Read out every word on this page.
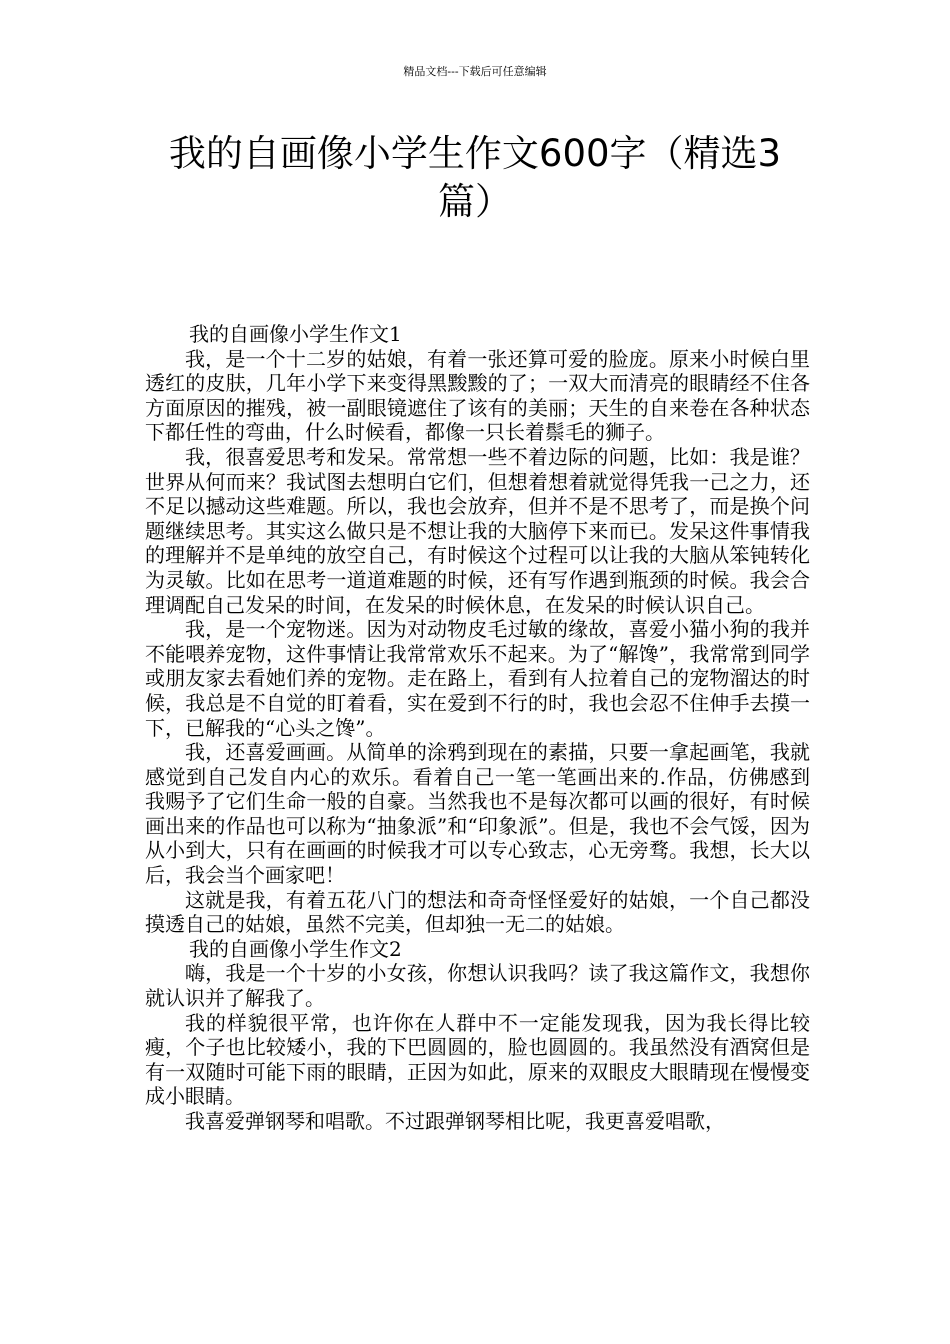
精品文档---下载后可任意编辑
我的自画像小学生作文600字（精选3篇）

我的自画像小学生作文1

我，是一个十二岁的姑娘，有着一张还算可爱的脸庞。原来小时候白里透红的皮肤，几年小学下来变得黑黢黢的了；一双大而清亮的眼睛经不住各方面原因的摧残，被一副眼镜遮住了该有的美丽；天生的自来卷在各种状态下都任性的弯曲，什么时候看，都像一只长着鬃毛的狮子。

我，很喜爱思考和发呆。常常想一些不着边际的问题，比如：我是谁？世界从何而来？我试图去想明白它们，但想着想着就觉得凭我一己之力，还不足以撼动这些难题。所以，我也会放弃，但并不是不思考了，而是换个问题继续思考。其实这么做只是不想让我的大脑停下来而已。发呆这件事情我的理解并不是单纯的放空自己，有时候这个过程可以让我的大脑从笨钝转化为灵敏。比如在思考一道道难题的时候，还有写作遇到瓶颈的时候。我会合理调配自己发呆的时间，在发呆的时候休息，在发呆的时候认识自己。

我，是一个宠物迷。因为对动物皮毛过敏的缘故，喜爱小猫小狗的我并不能喂养宠物，这件事情让我常常欢乐不起来。为了“解馋”，我常常到同学或朋友家去看她们养的宠物。走在路上，看到有人拉着自己的宠物溜达的时候，我总是不自觉的盯着看，实在爱到不行的时，我也会忍不住伸手去摸一下，已解我的“心头之馋”。

我，还喜爱画画。从简单的涂鸦到现在的素描，只要一拿起画笔，我就感觉到自己发自内心的欢乐。看着自己一笔一笔画出来的.作品，仿佛感到我赐予了它们生命一般的自豪。当然我也不是每次都可以画的很好，有时候画出来的作品也可以称为“抽象派”和“印象派”。但是，我也不会气馁，因为从小到大，只有在画画的时候我才可以专心致志，心无旁骛。我想，长大以后，我会当个画家吧！

这就是我，有着五花八门的想法和奇奇怪怪爱好的姑娘，一个自己都没摸透自己的姑娘，虽然不完美，但却独一无二的姑娘。

我的自画像小学生作文2

嗨，我是一个十岁的小女孩，你想认识我吗？读了我这篇作文，我想你就认识并了解我了。

我的样貌很平常，也许你在人群中不一定能发现我，因为我长得比较瘦，个子也比较矮小，我的下巴圆圆的，脸也圆圆的。我虽然没有酒窝但是有一双随时可能下雨的眼睛，正因为如此，原来的双眼皮大眼睛现在慢慢变成小眼睛。

我喜爱弹钢琴和唱歌。不过跟弹钢琴相比呢，我更喜爱唱歌，
